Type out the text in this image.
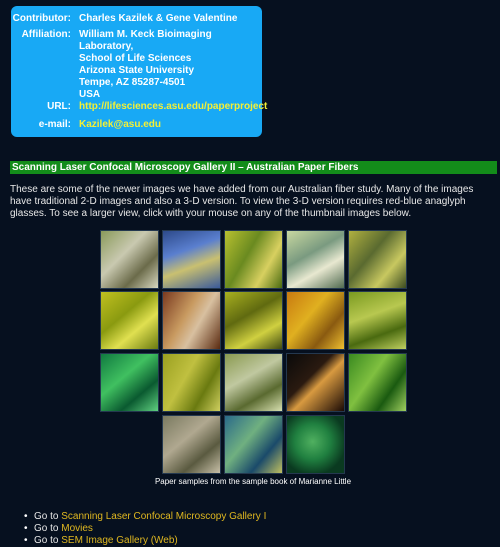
Contributor: Charles Kazilek & Gene Valentine
Affiliation: William M. Keck Bioimaging
Laboratory,
School of Life Sciences
Arizona State University
Tempe, AZ 85287-4501
USA
URL: http://lifesciences.asu.edu/paperproject
e-mail: Kazilek@asu.edu
Scanning Laser Confocal Microscopy Gallery II – Australian Paper Fibers
These are some of the newer images we have added from our Australian fiber study. Many of the images have traditional 2-D images and also a 3-D version. To view the 3-D version requires red-blue anaglyph glasses. To see a larger view, click with your mouse on any of the thumbnail images below.
Paper samples from the sample book of Marianne Little
• Go to Scanning Laser Confocal Microscopy Gallery I
• Go to Movies
• Go to SEM Image Gallery (Web)
